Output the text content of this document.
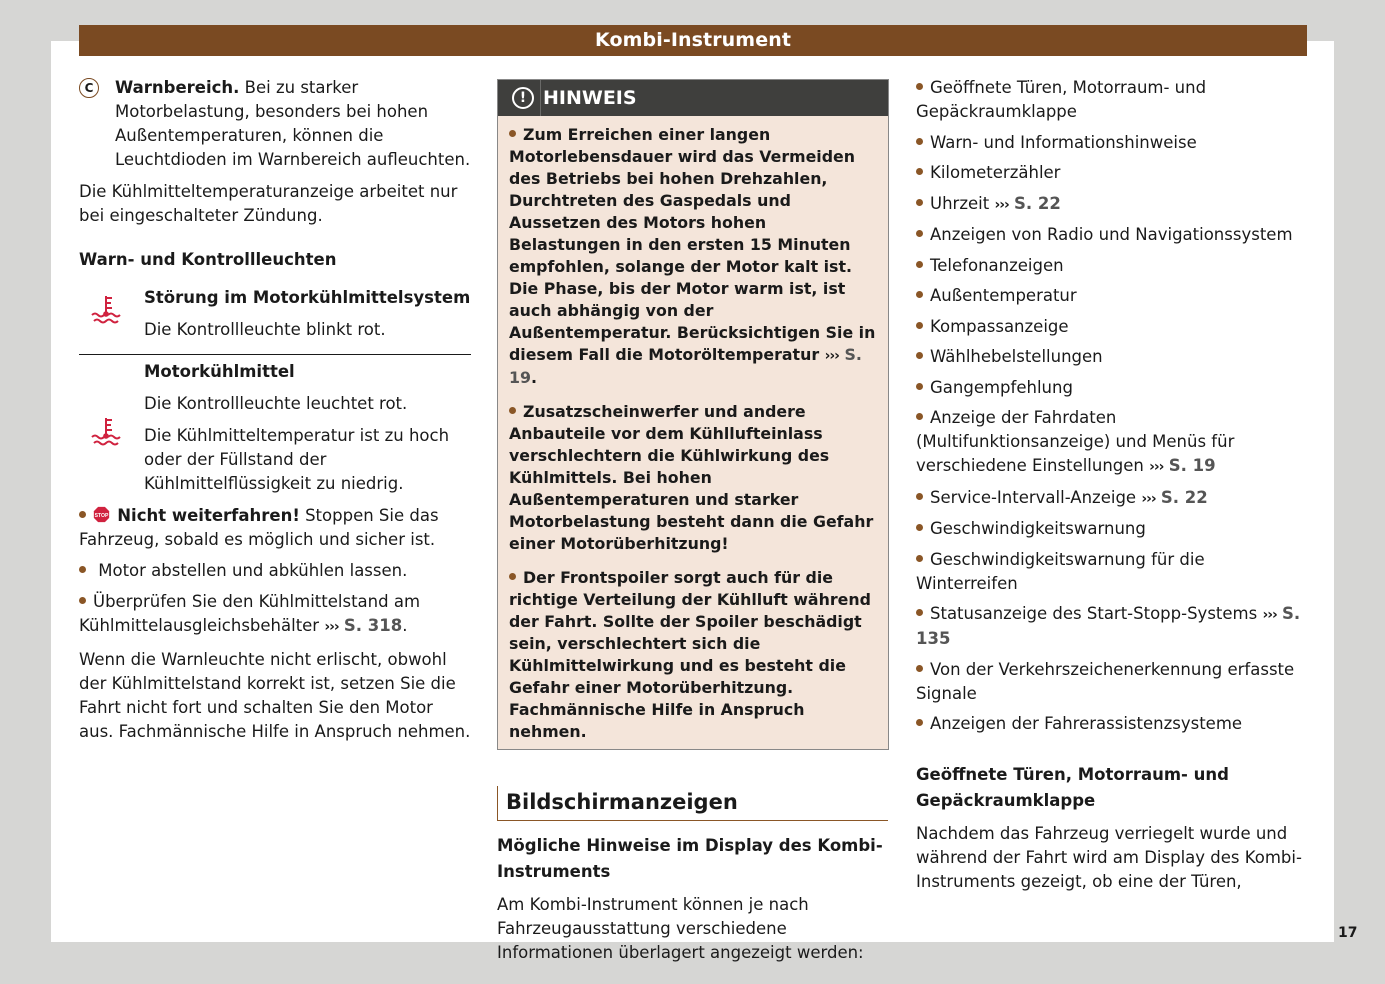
Kombi-Instrument
C	Warnbereich. Bei zu starker Motorbelastung, besonders bei hohen Außentemperaturen, können die Leuchtdioden im Warnbereich aufleuchten.

Die Kühlmitteltemperaturanzeige arbeitet nur bei eingeschalteter Zündung.

Warn- und Kontrollleuchten

Störung im Motorkühlmittelsystem

Die Kontrollleuchte blinkt rot.

Motorkühlmittel

Die Kontrollleuchte leuchtet rot.

Die Kühlmitteltemperatur ist zu hoch oder der Füllstand der Kühlmittelflüssigkeit zu niedrig.

STOP Nicht weiterfahren! Stoppen Sie das Fahrzeug, sobald es möglich und sicher ist.
Motor abstellen und abkühlen lassen.
Überprüfen Sie den Kühlmittelstand am Kühlmittelausgleichsbehälter ››› S. 318.

Wenn die Warnleuchte nicht erlischt, obwohl der Kühlmittelstand korrekt ist, setzen Sie die Fahrt nicht fort und schalten Sie den Motor aus. Fachmännische Hilfe in Anspruch nehmen.

! HINWEIS

Zum Erreichen einer langen Motorlebensdauer wird das Vermeiden des Betriebs bei hohen Drehzahlen, Durchtreten des Gaspedals und Aussetzen des Motors hohen Belastungen in den ersten 15 Minuten empfohlen, solange der Motor kalt ist. Die Phase, bis der Motor warm ist, ist auch abhängig von der Außentemperatur. Berücksichtigen Sie in diesem Fall die Motoröltemperatur ››› S. 19.

Zusatzscheinwerfer und andere Anbauteile vor dem Kühllufteinlass verschlechtern die Kühlwirkung des Kühlmittels. Bei hohen Außentemperaturen und starker Motorbelastung besteht dann die Gefahr einer Motorüberhitzung!

Der Frontspoiler sorgt auch für die richtige Verteilung der Kühlluft während der Fahrt. Sollte der Spoiler beschädigt sein, verschlechtert sich die Kühlmittelwirkung und es besteht die Gefahr einer Motorüberhitzung. Fachmännische Hilfe in Anspruch nehmen.

Bildschirmanzeigen

Mögliche Hinweise im Display des Kombi-Instruments

Am Kombi-Instrument können je nach Fahrzeugausstattung verschiedene Informationen überlagert angezeigt werden:

Geöffnete Türen, Motorraum- und Gepäckraumklappe
Warn- und Informationshinweise
Kilometerzähler
Uhrzeit ››› S. 22
Anzeigen von Radio und Navigationssystem
Telefonanzeigen
Außentemperatur
Kompassanzeige
Wählhebelstellungen
Gangempfehlung
Anzeige der Fahrdaten (Multifunktionsanzeige) und Menüs für verschiedene Einstellungen ››› S. 19
Service-Intervall-Anzeige ››› S. 22
Geschwindigkeitswarnung
Geschwindigkeitswarnung für die Winterreifen
Statusanzeige des Start-Stopp-Systems ››› S. 135
Von der Verkehrszeichenerkennung erfasste Signale
Anzeigen der Fahrerassistenzsysteme

Geöffnete Türen, Motorraum- und Gepäckraumklappe

Nachdem das Fahrzeug verriegelt wurde und während der Fahrt wird am Display des Kombi-Instruments gezeigt, ob eine der Türen,

17
